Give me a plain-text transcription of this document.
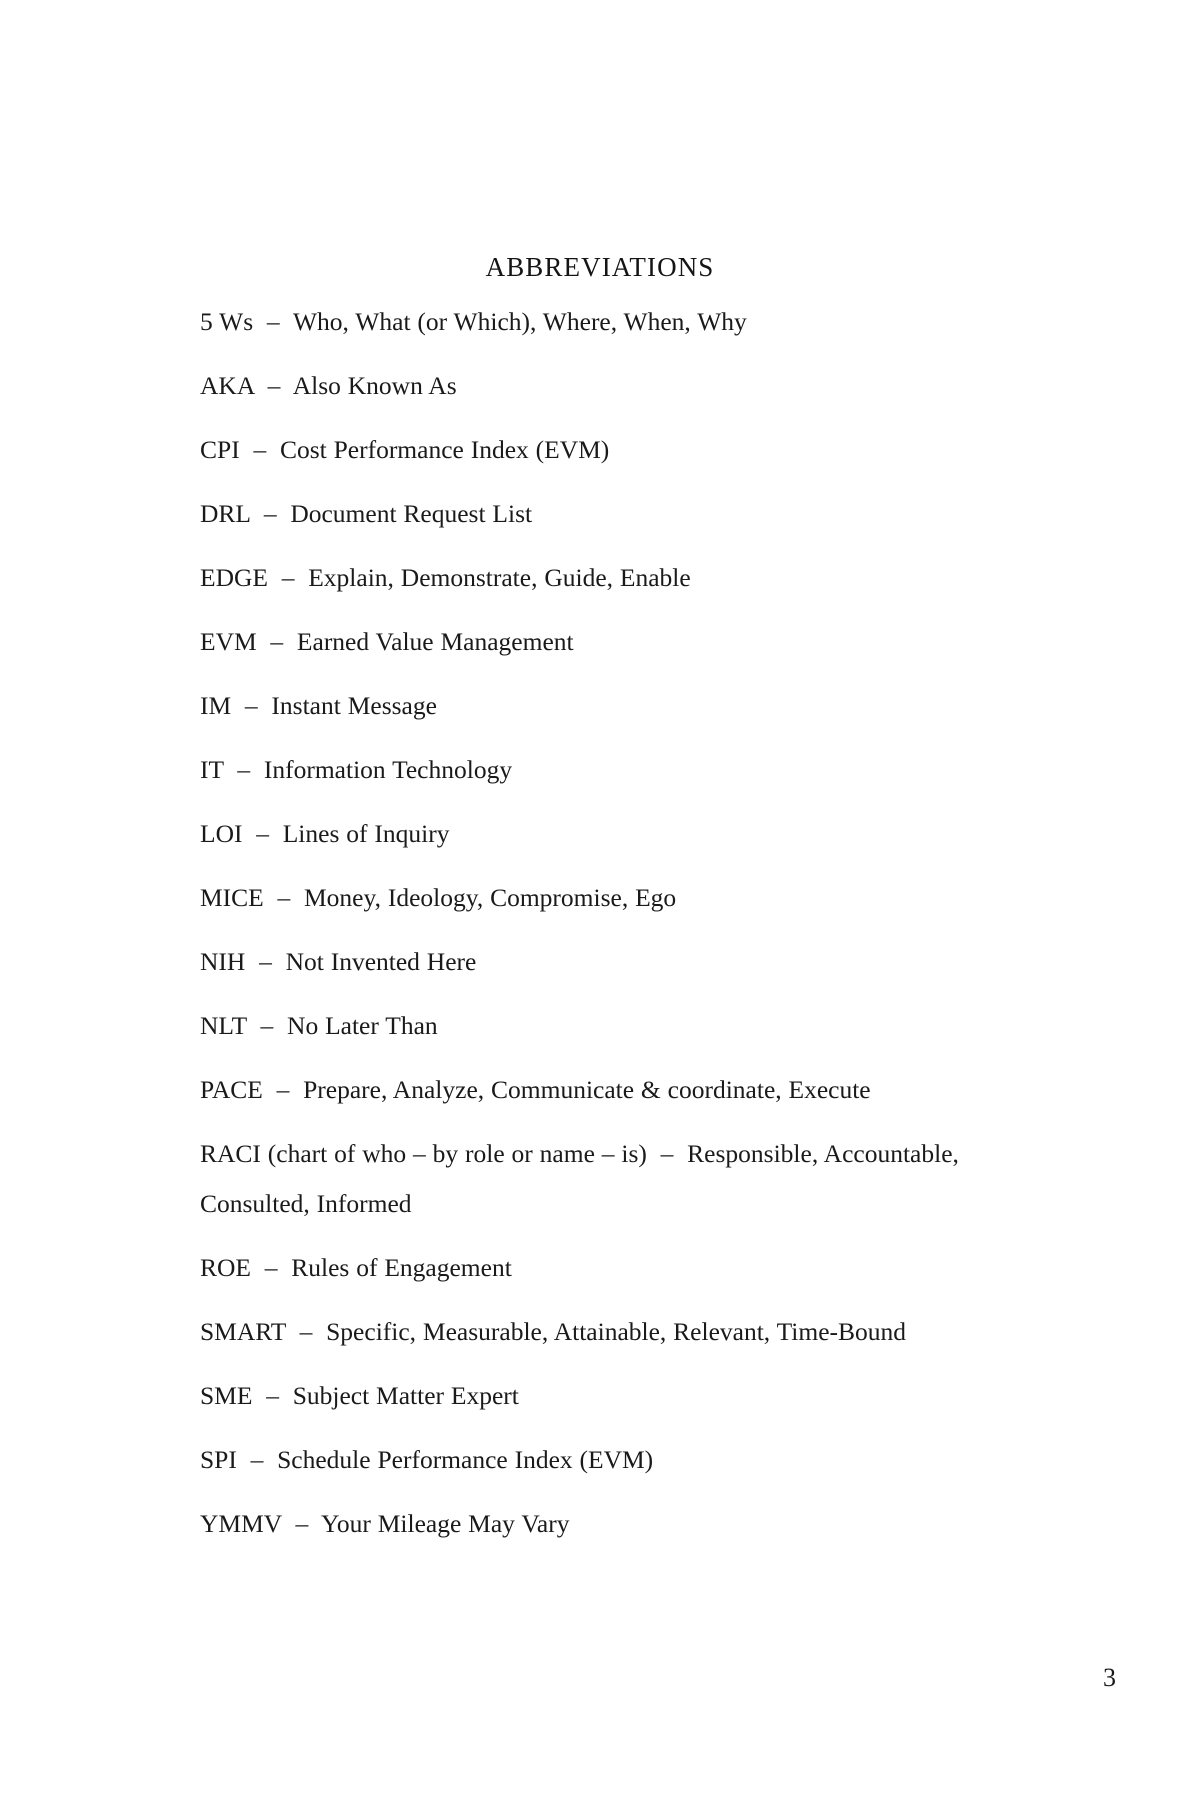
ABBREVIATIONS

5 Ws  –  Who, What (or Which), Where, When, Why

AKA  –  Also Known As

CPI  –  Cost Performance Index (EVM)

DRL  –  Document Request List

EDGE  –  Explain, Demonstrate, Guide, Enable

EVM  –  Earned Value Management

IM  –  Instant Message

IT  –  Information Technology

LOI  –  Lines of Inquiry

MICE  –  Money, Ideology, Compromise, Ego

NIH  –  Not Invented Here

NLT  –  No Later Than

PACE  –  Prepare, Analyze, Communicate & coordinate, Execute

RACI (chart of who – by role or name – is)  –  Responsible, Accountable, Consulted, Informed

ROE  –  Rules of Engagement

SMART  –  Specific, Measurable, Attainable, Relevant, Time-Bound

SME  –  Subject Matter Expert

SPI  –  Schedule Performance Index (EVM)

YMMV  –  Your Mileage May Vary

3
